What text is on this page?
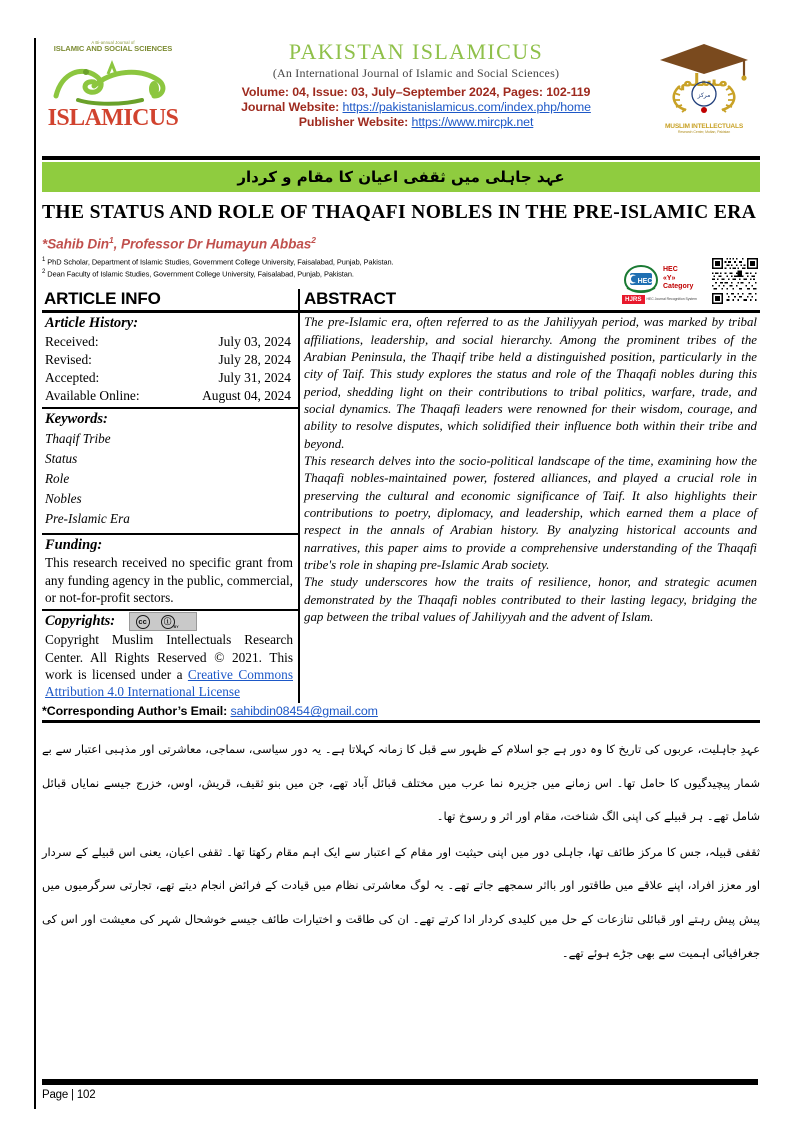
A Bi-annual Journal of
ISLAMIC AND SOCIAL SCIENCES
ISLAMICUS
PAKISTAN ISLAMICUS
(An International Journal of Islamic and Social Sciences)
Volume: 04, Issue: 03, July–September 2024, Pages: 102-119
Journal Website: https://pakistanislamicus.com/index.php/home
Publisher Website: https://www.mircpk.net
مسلم
مرکز
MUSLIM INTELLECTUALS
Research Center, Multan, Pakistan
عہد جاہلی میں ثقفی اعیان کا مقام و کردار
THE STATUS AND ROLE OF THAQAFI NOBLES IN THE PRE-ISLAMIC ERA
*Sahib Din$^1$, Professor Dr Humayun Abbas$^2$
$^1$ PhD Scholar, Department of Islamic Studies, Government College University, Faisalabad, Punjab, Pakistan.
$^2$ Dean Faculty of Islamic Studies, Government College University, Faisalabad, Punjab, Pakistan.
HEC
HEC
«Y»
Category
HJRS	HEC Journal Recognition System
ARTICLE INFO
Article History:
Received:	July 03, 2024
Revised:	July 28, 2024
Accepted:	July 31, 2024
Available Online:	August 04, 2024
Keywords:
Thaqif Tribe
Status
Role
Nobles
Pre-Islamic Era
Funding:
This research received no specific grant from any funding agency in the public, commercial, or not-for-profit sectors.
Copyrights:	cc	ⓘ
BY
Copyright Muslim Intellectuals Research Center. All Rights Reserved © 2021. This work is licensed under a Creative Commons Attribution 4.0 International License

ABSTRACT

The pre-Islamic era, often referred to as the Jahiliyyah period, was marked by tribal affiliations, leadership, and social hierarchy. Among the prominent tribes of the Arabian Peninsula, the Thaqif tribe held a distinguished position, particularly in the city of Taif. This study explores the status and role of the Thaqafi nobles during this period, shedding light on their contributions to tribal politics, warfare, trade, and social dynamics. The Thaqafi leaders were renowned for their wisdom, courage, and ability to resolve disputes, which solidified their influence both within their tribe and beyond.

This research delves into the socio-political landscape of the time, examining how the Thaqafi nobles-maintained power, fostered alliances, and played a crucial role in preserving the cultural and economic significance of Taif. It also highlights their contributions to poetry, diplomacy, and leadership, which earned them a place of respect in the annals of Arabian history. By analyzing historical accounts and narratives, this paper aims to provide a comprehensive understanding of the Thaqafi tribe's role in shaping pre-Islamic Arab society.

The study underscores how the traits of resilience, honor, and strategic acumen demonstrated by the Thaqafi nobles contributed to their lasting legacy, bridging the gap between the tribal values of Jahiliyyah and the advent of Islam.

*Corresponding Author’s Email: sahibdin08454@gmail.com

عہدِ جاہلیت، عربوں کی تاریخ کا وہ دور ہے جو اسلام کے ظہور سے قبل کا زمانہ کہلاتا ہے۔ یہ دور سیاسی، سماجی، معاشرتی اور مذہبی اعتبار سے بے شمار پیچیدگیوں کا حامل تھا۔ اس زمانے میں جزیرہ نما عرب میں مختلف قبائل آباد تھے، جن میں بنو ثقیف، قریش، اوس، خزرج جیسے نمایاں قبائل شامل تھے۔ ہر قبیلے کی اپنی الگ شناخت، مقام اور اثر و رسوخ تھا۔

ثقفی قبیلہ، جس کا مرکز طائف تھا، جاہلی دور میں اپنی حیثیت اور مقام کے اعتبار سے ایک اہم مقام رکھتا تھا۔ ثقفی اعیان، یعنی اس قبیلے کے سردار اور معزز افراد، اپنے علاقے میں طاقتور اور بااثر سمجھے جاتے تھے۔ یہ لوگ معاشرتی نظام میں قیادت کے فرائض انجام دیتے تھے، تجارتی سرگرمیوں میں پیش پیش رہتے اور قبائلی تنازعات کے حل میں کلیدی کردار ادا کرتے تھے۔ ان کی طاقت و اختیارات طائف جیسے خوشحال شہر کی معیشت اور اس کی جغرافیائی اہمیت سے بھی جڑے ہوئے تھے۔

Page | 102
